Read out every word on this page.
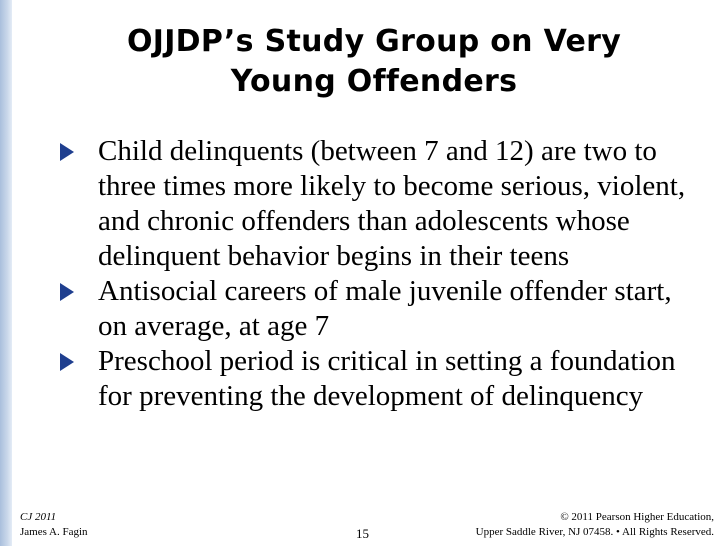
OJJDP’s Study Group on Very
Young Offenders
Child delinquents (between 7 and 12) are two to three times more likely to become serious, violent, and chronic offenders than adolescents whose delinquent behavior begins in their teens
Antisocial careers of male juvenile offender start, on average, at age 7
Preschool period is critical in setting a foundation for preventing the development of delinquency
CJ 2011
James A. Fagin	15
© 2011 Pearson Higher Education,
Upper Saddle River, NJ 07458. • All Rights Reserved.
